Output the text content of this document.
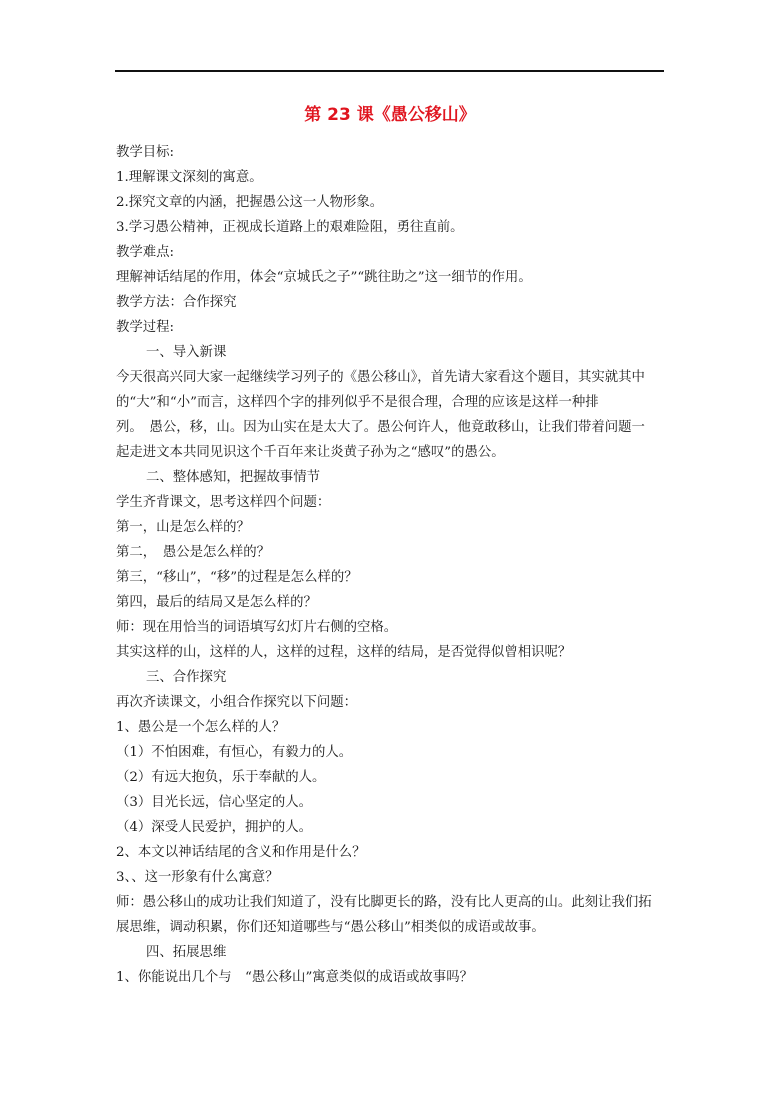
第 23 课《愚公移山》

教学目标:

1.理解课文深刻的寓意。

2.探究文章的内涵，把握愚公这一人物形象。

3.学习愚公精神，正视成长道路上的艰难险阻，勇往直前。

教学难点:

理解神话结尾的作用，体会“京城氏之子”“跳往助之”这一细节的作用。

教学方法：合作探究

教学过程:

一、导入新课

今天很高兴同大家一起继续学习列子的《愚公移山》，首先请大家看这个题目，其实就其中

的“大”和“小”而言，这样四个字的排列似乎不是很合理，合理的应该是这样一种排

列。　愚公，移，山。因为山实在是太大了。愚公何许人，他竟敢移山，让我们带着问题一

起走进文本共同见识这个千百年来让炎黄子孙为之“感叹”的愚公。

二、整体感知，把握故事情节

学生齐背课文，思考这样四个问题：

第一，山是怎么样的？

第二，　愚公是怎么样的？

第三，“移山”，“移”的过程是怎么样的？

第四，最后的结局又是怎么样的？

师：现在用恰当的词语填写幻灯片右侧的空格。

其实这样的山，这样的人，这样的过程，这样的结局，是否觉得似曾相识呢？

三、合作探究

再次齐读课文，小组合作探究以下问题：

1、愚公是一个怎么样的人？

（1）不怕困难，有恒心，有毅力的人。

（2）有远大抱负，乐于奉献的人。

（3）目光长远，信心坚定的人。

（4）深受人民爱护，拥护的人。

2、本文以神话结尾的含义和作用是什么？

3、、这一形象有什么寓意？

师：愚公移山的成功让我们知道了，没有比脚更长的路，没有比人更高的山。此刻让我们拓

展思维，调动积累，你们还知道哪些与“愚公移山”相类似的成语或故事。

四、拓展思维

1、你能说出几个与　“愚公移山”寓意类似的成语或故事吗？
